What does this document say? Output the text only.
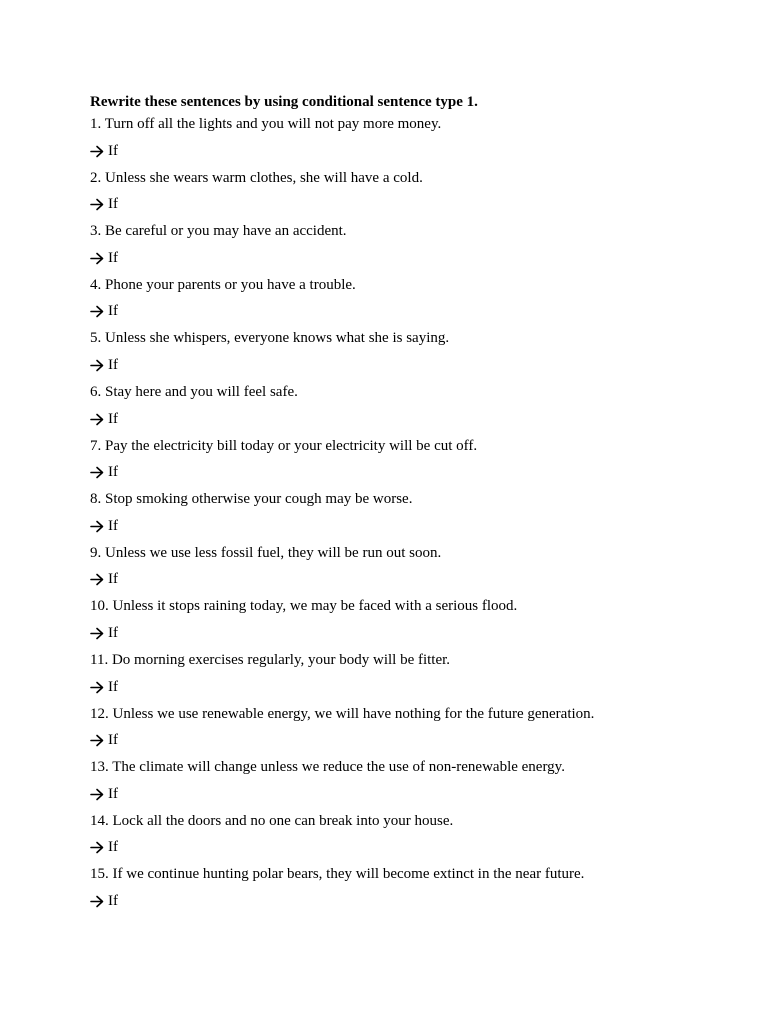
Rewrite these sentences by using conditional sentence type 1.
1. Turn off all the lights and you will not pay more money.
If
2. Unless she wears warm clothes, she will have a cold.
If
3. Be careful or you may have an accident.
If
4. Phone your parents or you have a trouble.
If
5. Unless she whispers, everyone knows what she is saying.
If
6. Stay here and you will feel safe.
If
7. Pay the electricity bill today or your electricity will be cut off.
If
8. Stop smoking otherwise your cough may be worse.
If
9. Unless we use less fossil fuel, they will be run out soon.
If
10. Unless it stops raining today, we may be faced with a serious flood.
If
11. Do morning exercises regularly, your body will be fitter.
If
12. Unless we use renewable energy, we will have nothing for the future generation.
If
13. The climate will change unless we reduce the use of non-renewable energy.
If
14. Lock all the doors and no one can break into your house.
If
15. If we continue hunting polar bears, they will become extinct in the near future.
If
